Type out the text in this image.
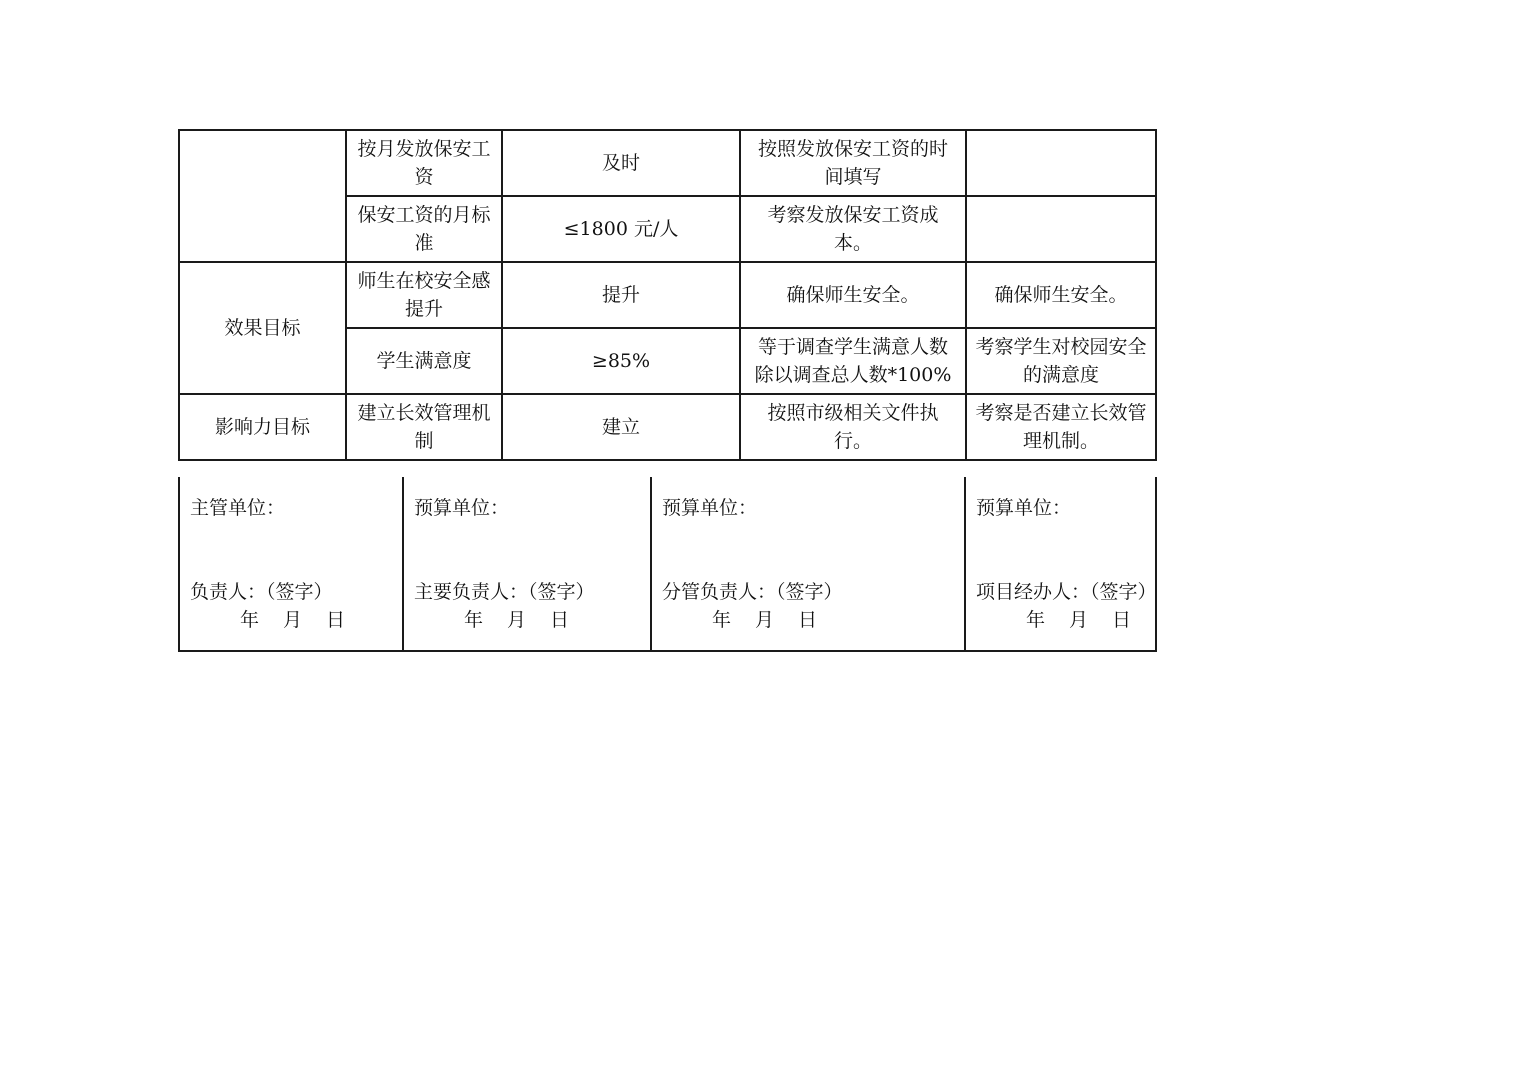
	按月发放保安工资	及时	按照发放保安工资的时间填写	
	保安工资的月标准	≤1800 元/人	考察发放保安工资成本。	
效果目标	师生在校安全感提升	提升	确保师生安全。	确保师生安全。
	学生满意度	≥85%	等于调查学生满意人数除以调查总人数*100%	考察学生对校园安全的满意度
影响力目标	建立长效管理机制	建立	按照市级相关文件执行。	考察是否建立长效管理机制。
主管单位：
负责人：（签字）
年 月 日

预算单位：
主要负责人：（签字）
年 月 日

预算单位：
分管负责人：（签字）
年 月 日

预算单位：
项目经办人：（签字）
年 月 日
